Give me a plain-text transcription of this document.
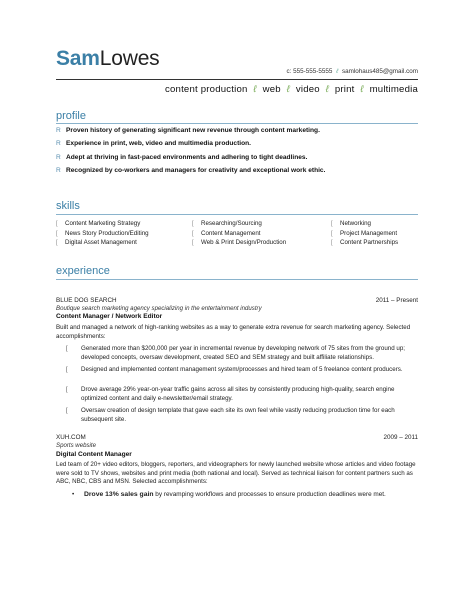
SamLowes
c: 555-555-5555 ℓ samlohaus485@gmail.com
content production ℓ web ℓ video ℓ print ℓ multimedia
profile
R Proven history of generating significant new revenue through content marketing.
R Experience in print, web, video and multimedia production.
R Adept at thriving in fast-paced environments and adhering to tight deadlines.
R Recognized by co-workers and managers for creativity and exceptional work ethic.
skills
[ Content Marketing Strategy
[ News Story Production/Editing
[ Digital Asset Management
[ Researching/Sourcing
[ Content Management
[ Web & Print Design/Production
[ Networking
[ Project Management
[ Content Partnerships
experience
BLUE DOG SEARCH	2011 – Present
Boutique search marketing agency specializing in the entertainment industry
Content Manager / Network Editor
Built and managed a network of high-ranking websites as a way to generate extra revenue for search marketing agency. Selected accomplishments:
[ Generated more than $200,000 per year in incremental revenue by developing network of 75 sites from the ground up; developed concepts, oversaw development, created SEO and SEM strategy and built affiliate relationships.
[ Designed and implemented content management system/processes and hired team of 5 freelance content producers.
[ Drove average 29% year-on-year traffic gains across all sites by consistently producing high-quality, search engine optimized content and daily e-newsletter/email strategy.
[ Oversaw creation of design template that gave each site its own feel while vastly reducing production time for each subsequent site.
XUH.COM	2009 – 2011
Sports website
Digital Content Manager
Led team of 20+ video editors, bloggers, reporters, and videographers for newly launched website whose articles and video footage were sold to TV shows, websites and print media (both national and local). Served as technical liaison for content partners such as ABC, NBC, CBS and MSN. Selected accomplishments:
• Drove 13% sales gain by revamping workflows and processes to ensure production deadlines were met.
